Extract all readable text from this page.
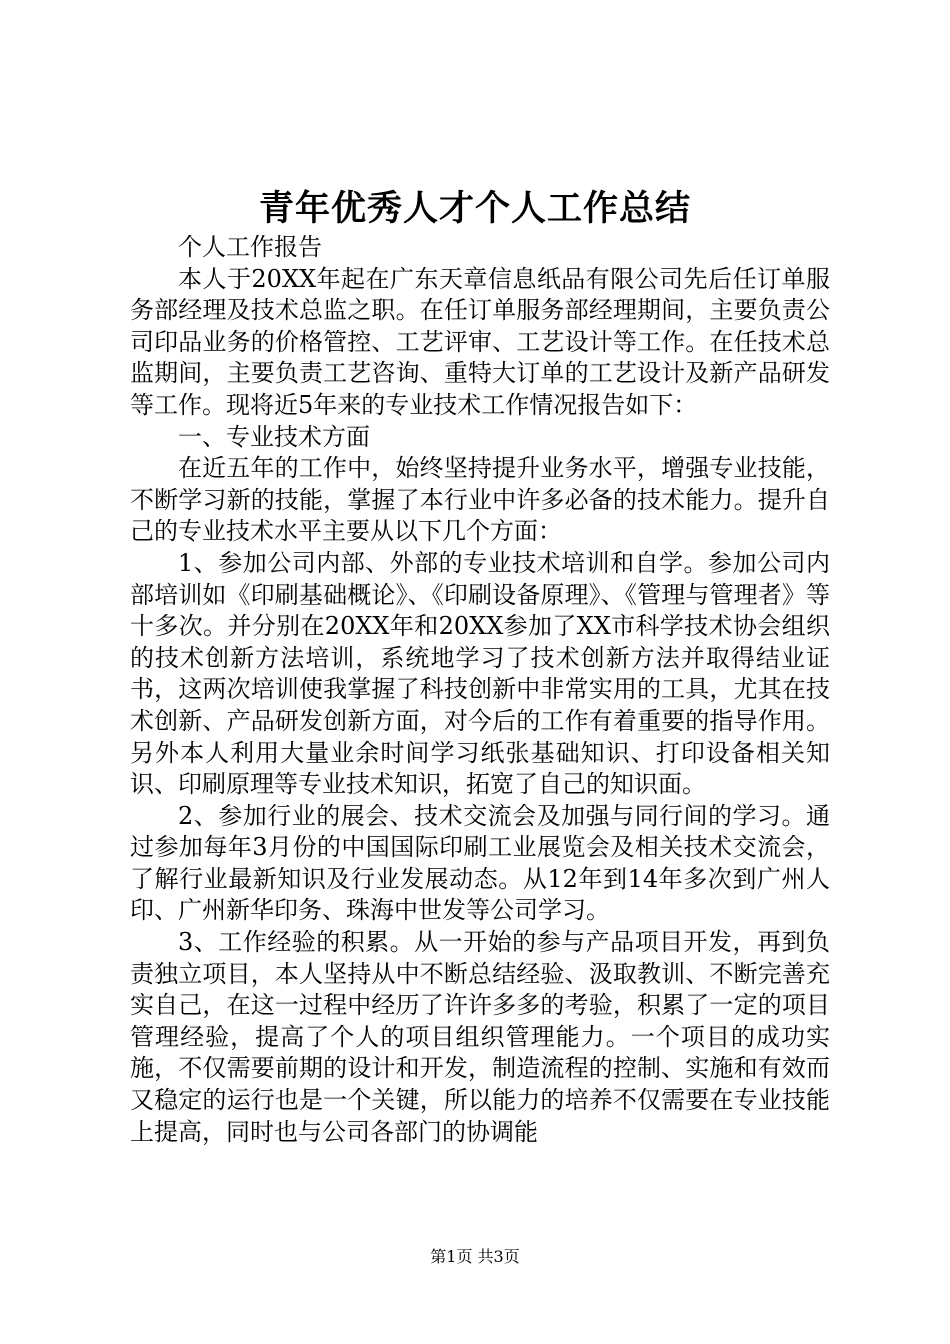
青年优秀人才个人工作总结

个人工作报告

本人于20XX年起在广东天章信息纸品有限公司先后任订单服务部经理及技术总监之职。在任订单服务部经理期间，主要负责公司印品业务的价格管控、工艺评审、工艺设计等工作。在任技术总监期间，主要负责工艺咨询、重特大订单的工艺设计及新产品研发等工作。现将近5年来的专业技术工作情况报告如下：

一、专业技术方面

在近五年的工作中，始终坚持提升业务水平，增强专业技能，不断学习新的技能，掌握了本行业中许多必备的技术能力。提升自己的专业技术水平主要从以下几个方面：

1、参加公司内部、外部的专业技术培训和自学。参加公司内部培训如《印刷基础概论》、《印刷设备原理》、《管理与管理者》等十多次。并分别在20XX年和20XX参加了XX市科学技术协会组织的技术创新方法培训，系统地学习了技术创新方法并取得结业证书，这两次培训使我掌握了科技创新中非常实用的工具，尤其在技术创新、产品研发创新方面，对今后的工作有着重要的指导作用。另外本人利用大量业余时间学习纸张基础知识、打印设备相关知识、印刷原理等专业技术知识，拓宽了自己的知识面。

2、参加行业的展会、技术交流会及加强与同行间的学习。通过参加每年3月份的中国国际印刷工业展览会及相关技术交流会，了解行业最新知识及行业发展动态。从12年到14年多次到广州人印、广州新华印务、珠海中世发等公司学习。

3、工作经验的积累。从一开始的参与产品项目开发，再到负责独立项目，本人坚持从中不断总结经验、汲取教训、不断完善充实自己，在这一过程中经历了许许多多的考验，积累了一定的项目管理经验，提高了个人的项目组织管理能力。一个项目的成功实施，不仅需要前期的设计和开发，制造流程的控制、实施和有效而又稳定的运行也是一个关键，所以能力的培养不仅需要在专业技能上提高，同时也与公司各部门的协调能

第1页 共3页
